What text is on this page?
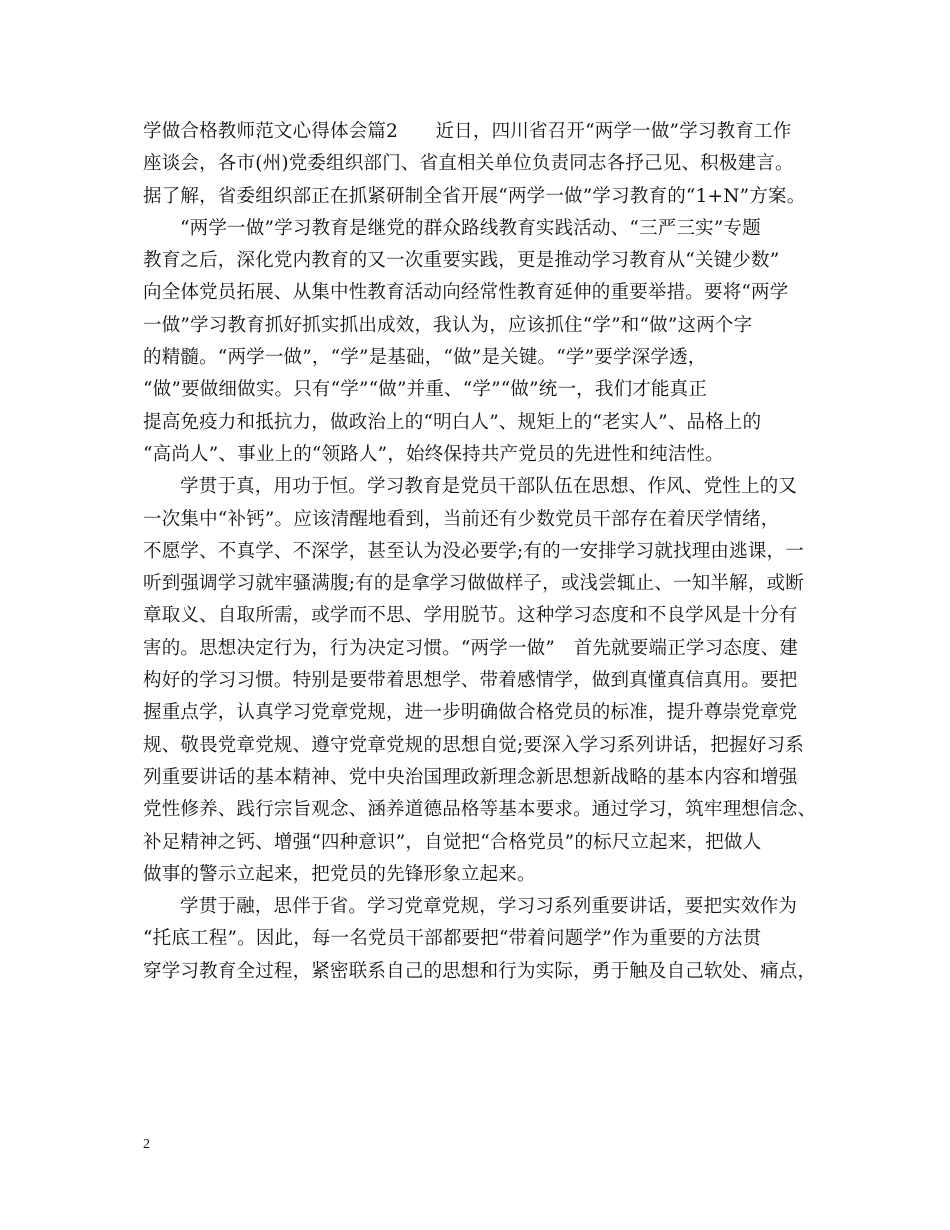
学做合格教师范文心得体会篇2　　近日，四川省召开“两学一做”学习教育工作
座谈会，各市(州)党委组织部门、省直相关单位负责同志各抒己见、积极建言。
据了解，省委组织部正在抓紧研制全省开展“两学一做”学习教育的“1+N”方案。
“两学一做”学习教育是继党的群众路线教育实践活动、“三严三实”专题
教育之后，深化党内教育的又一次重要实践，更是推动学习教育从“关键少数”
向全体党员拓展、从集中性教育活动向经常性教育延伸的重要举措。要将“两学
一做”学习教育抓好抓实抓出成效，我认为，应该抓住“学”和“做”这两个字
的精髓。“两学一做”，“学”是基础，“做”是关键。“学”要学深学透，
“做”要做细做实。只有“学”“做”并重、“学”“做”统一，我们才能真正
提高免疫力和抵抗力，做政治上的“明白人”、规矩上的“老实人”、品格上的
“高尚人”、事业上的“领路人”，始终保持共产党员的先进性和纯洁性。
学贯于真，用功于恒。学习教育是党员干部队伍在思想、作风、党性上的又
一次集中“补钙”。应该清醒地看到，当前还有少数党员干部存在着厌学情绪，
不愿学、不真学、不深学，甚至认为没必要学;有的一安排学习就找理由逃课，一
听到强调学习就牢骚满腹;有的是拿学习做做样子，或浅尝辄止、一知半解，或断
章取义、自取所需，或学而不思、学用脱节。这种学习态度和不良学风是十分有
害的。思想决定行为，行为决定习惯。“两学一做”　首先就要端正学习态度、建
构好的学习习惯。特别是要带着思想学、带着感情学，做到真懂真信真用。要把
握重点学，认真学习党章党规，进一步明确做合格党员的标准，提升尊崇党章党
规、敬畏党章党规、遵守党章党规的思想自觉;要深入学习系列讲话，把握好习系
列重要讲话的基本精神、党中央治国理政新理念新思想新战略的基本内容和增强
党性修养、践行宗旨观念、涵养道德品格等基本要求。通过学习，筑牢理想信念、
补足精神之钙、增强“四种意识”，自觉把“合格党员”的标尺立起来，把做人
做事的警示立起来，把党员的先锋形象立起来。
学贯于融，思伴于省。学习党章党规，学习习系列重要讲话，要把实效作为
“托底工程”。因此，每一名党员干部都要把“带着问题学”作为重要的方法贯
穿学习教育全过程，紧密联系自己的思想和行为实际，勇于触及自己软处、痛点，
2
